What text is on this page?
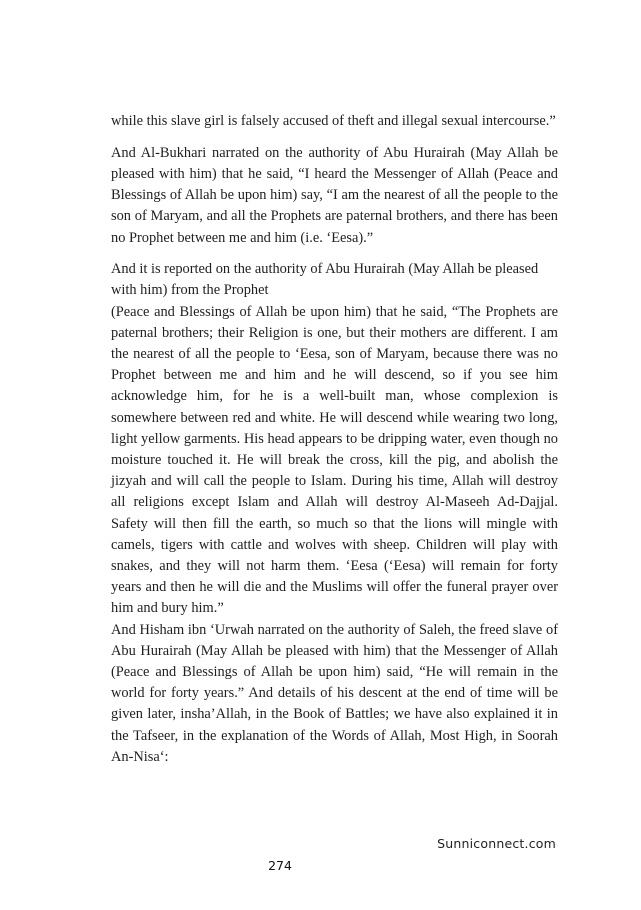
while this slave girl is falsely accused of theft and illegal sexual intercourse.”

And Al-Bukhari narrated on the authority of Abu Hurairah (May Allah be pleased with him) that he said, “I heard the Messenger of Allah (Peace and Blessings of Allah be upon him) say, “I am the nearest of all the people to the son of Maryam, and all the Prophets are paternal brothers, and there has been no Prophet between me and him (i.e. ‘Eesa).”

And it is reported on the authority of Abu Hurairah (May Allah be pleased with him) from the Prophet
(Peace and Blessings of Allah be upon him) that he said, “The Prophets are paternal brothers; their Religion is one, but their mothers are different. I am the nearest of all the people to ‘Eesa, son of Maryam, because there was no Prophet between me and him and he will descend, so if you see him acknowledge him, for he is a well-built man, whose complexion is somewhere between red and white. He will descend while wearing two long, light yellow garments. His head appears to be dripping water, even though no moisture touched it. He will break the cross, kill the pig, and abolish the jizyah and will call the people to Islam. During his time, Allah will destroy all religions except Islam and Allah will destroy Al-Maseeh Ad-Dajjal. Safety will then fill the earth, so much so that the lions will mingle with camels, tigers with cattle and wolves with sheep. Children will play with snakes, and they will not harm them. ‘Eesa (‘Eesa) will remain for forty years and then he will die and the Muslims will offer the funeral prayer over him and bury him.”

And Hisham ibn ‘Urwah narrated on the authority of Saleh, the freed slave of Abu Hurairah (May Allah be pleased with him) that the Messenger of Allah (Peace and Blessings of Allah be upon him) said, “He will remain in the world for forty years.” And details of his descent at the end of time will be given later, insha’Allah, in the Book of Battles; we have also explained it in the Tafseer, in the explanation of the Words of Allah, Most High, in Soorah An-Nisa‘:

Sunniconnect.com
274
